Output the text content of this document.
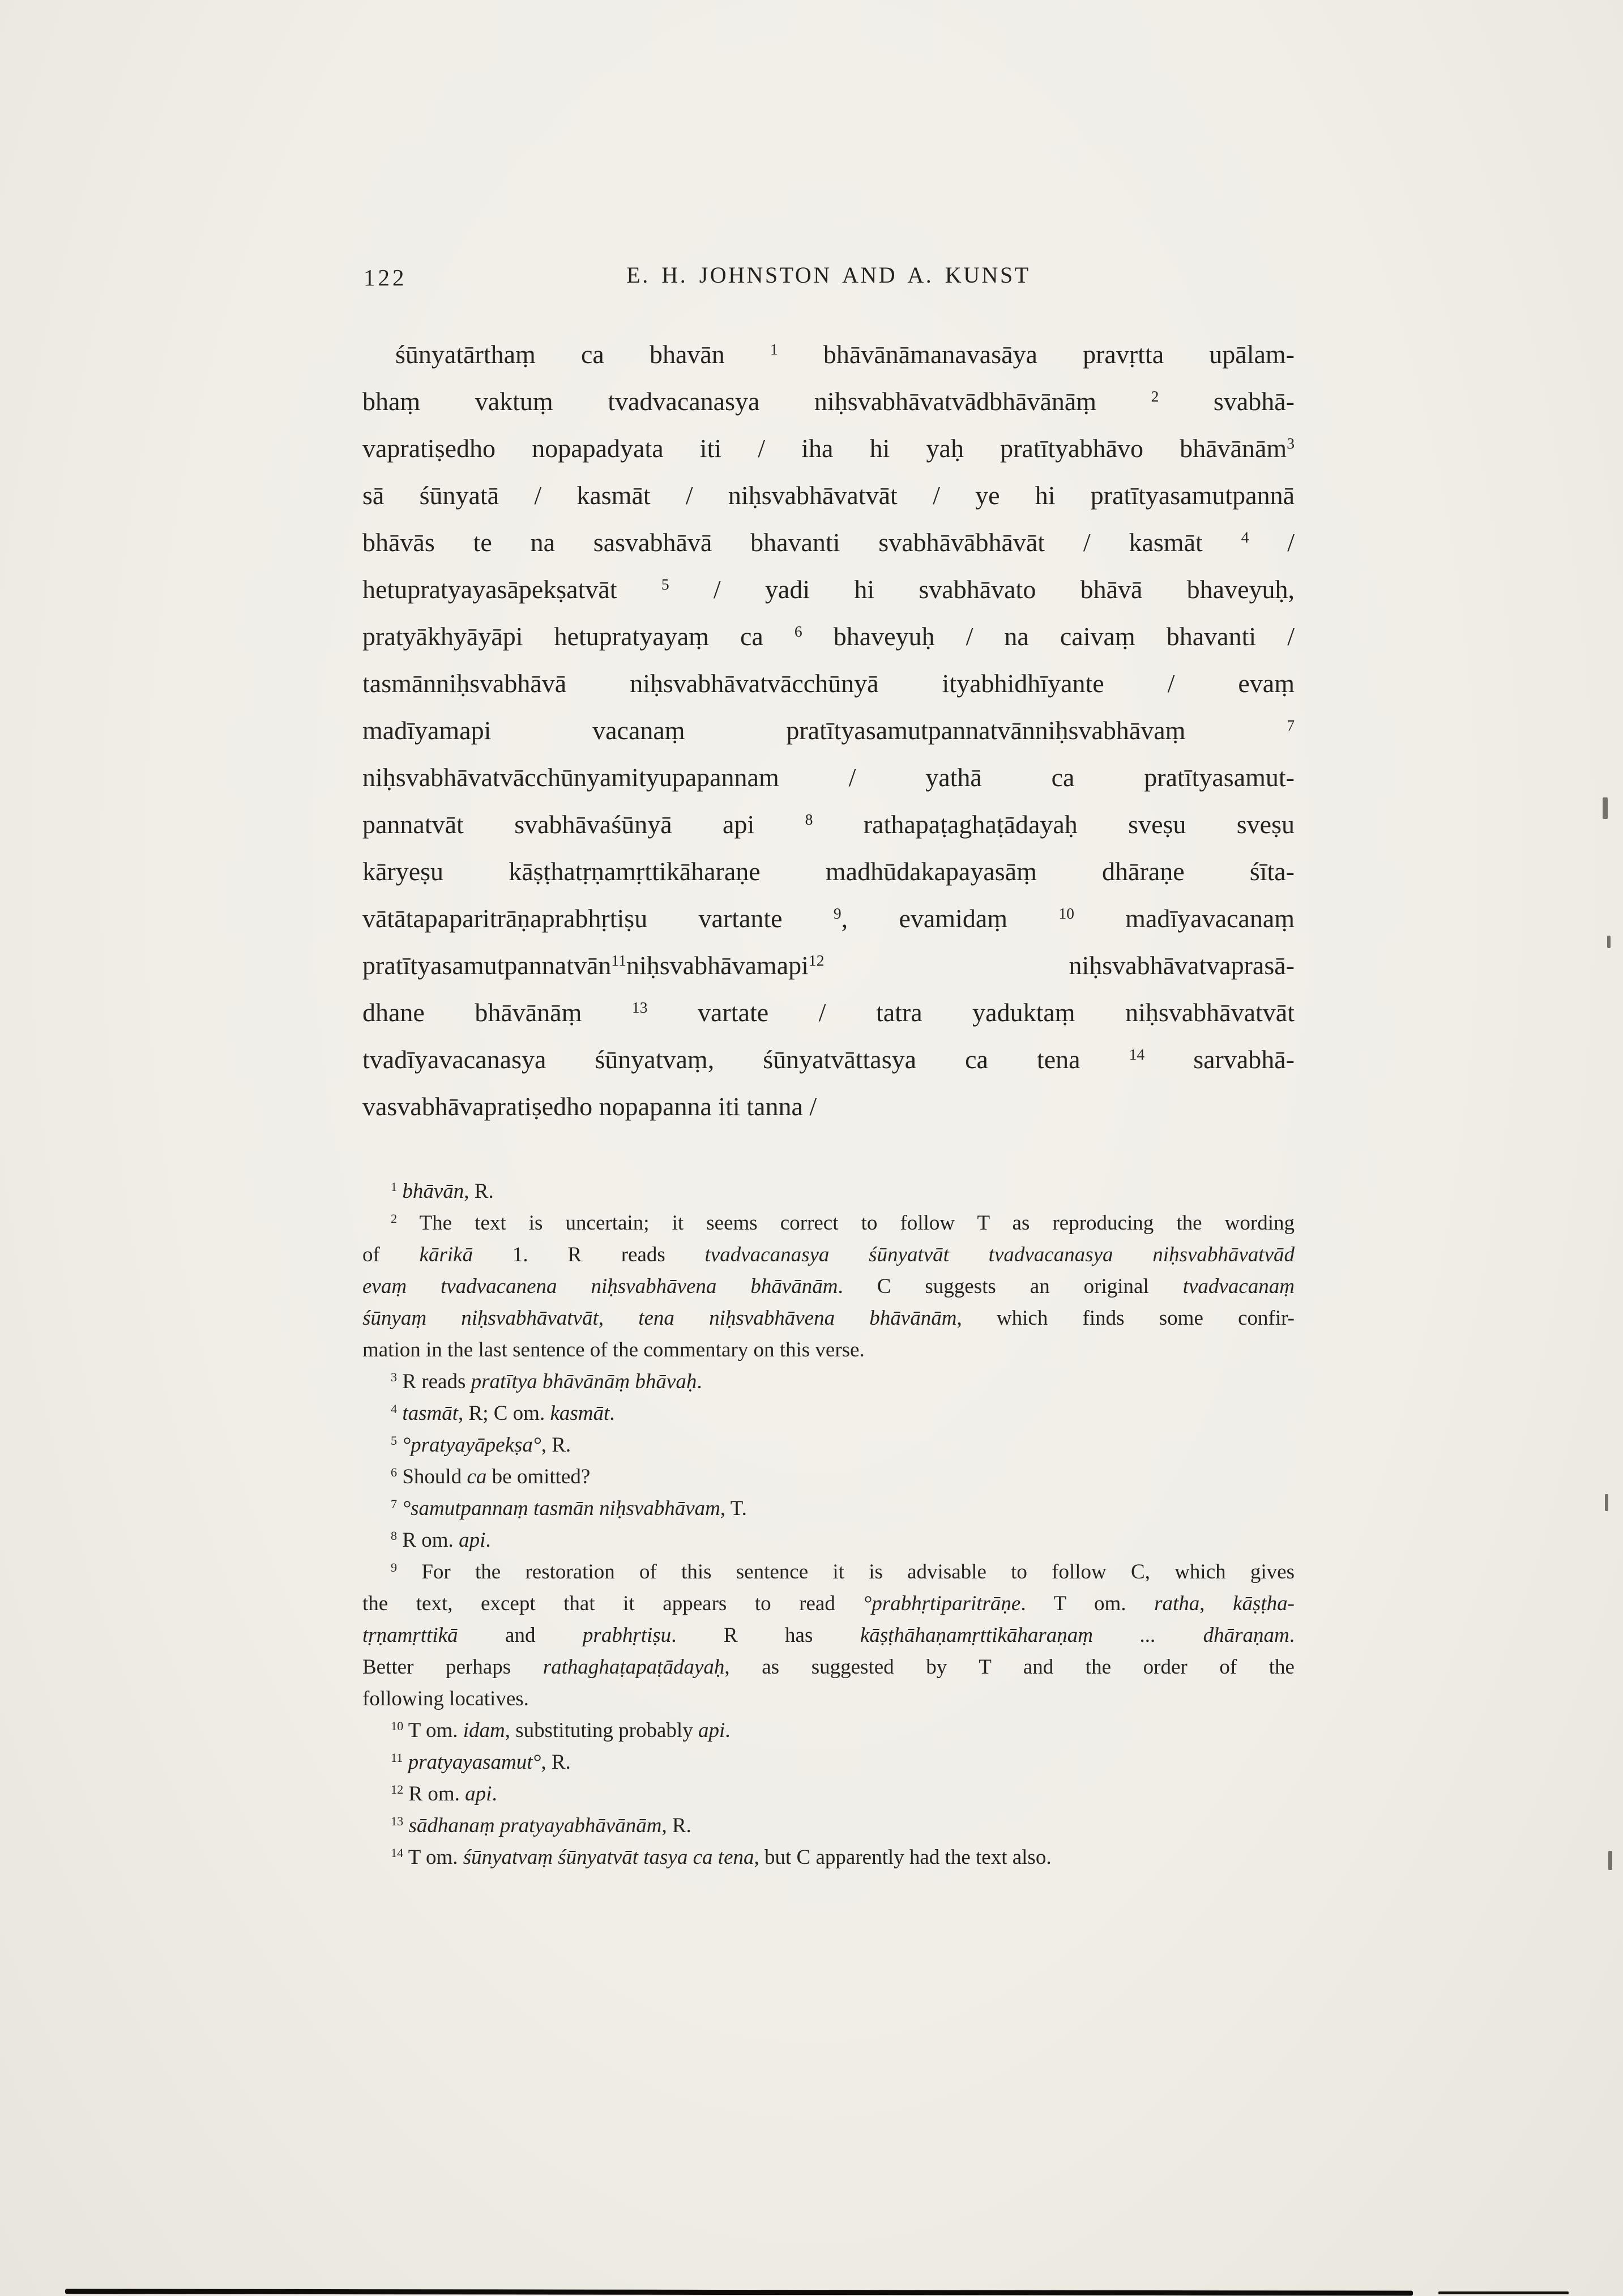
122	E. H. JOHNSTON AND A. KUNST
śūnyatārthaṃ ca bhavān $^1$ bhāvānāmanavasāya pravṛtta upālam-
bhaṃ vaktuṃ tvadvacanasya niḥsvabhāvatvādbhāvānāṃ $^2$ svabhā-
vapratiṣedho nopapadyata iti / iha hi yaḥ pratītyabhāvo bhāvānām$^3$
sā śūnyatā / kasmāt / niḥsvabhāvatvāt / ye hi pratītyasamutpannā
bhāvās te na sasvabhāvā bhavanti svabhāvābhāvāt / kasmāt $^4$ /
hetupratyayasāpekṣatvāt $^5$ / yadi hi svabhāvato bhāvā bhaveyuḥ,
pratyākhyāyāpi hetupratyayaṃ ca $^6$ bhaveyuḥ / na caivaṃ bhavanti /
tasmānniḥsvabhāvā niḥsvabhāvatvācchūnyā ityabhidhīyante / evaṃ
madīyamapi vacanaṃ pratītyasamutpannatvānniḥsvabhāvaṃ $^7$
niḥsvabhāvatvācchūnyamityupapannam / yathā ca pratītyasamut-
pannatvāt svabhāvaśūnyā api $^8$ rathapaṭaghaṭādayaḥ sveṣu sveṣu
kāryeṣu kāṣṭhatṛṇamṛttikāharaṇe madhūdakapayasāṃ dhāraṇe śīta-
vātātapaparitrāṇaprabhṛtiṣu vartante $^9$, evamidaṃ $^{10}$ madīyavacanaṃ
pratītyasamutpannatvān$^{11}$niḥsvabhāvamapi$^{12}$ niḥsvabhāvatvaprasā-
dhane bhāvānāṃ $^{13}$ vartate / tatra yaduktaṃ niḥsvabhāvatvāt
tvadīyavacanasya śūnyatvaṃ, śūnyatvāttasya ca tena $^{14}$ sarvabhā-
vasvabhāvapratiṣedho nopapanna iti tanna /
$^1$ bhāvān, R.
$^2$ The text is uncertain; it seems correct to follow T as reproducing the wording
of kārikā 1. R reads tvadvacanasya śūnyatvāt tvadvacanasya niḥsvabhāvatvād
evaṃ tvadvacanena niḥsvabhāvena bhāvānām. C suggests an original tvadvacanaṃ
śūnyaṃ niḥsvabhāvatvāt, tena niḥsvabhāvena bhāvānām, which finds some confir-
mation in the last sentence of the commentary on this verse.
$^3$ R reads pratītya bhāvānāṃ bhāvaḥ.
$^4$ tasmāt, R; C om. kasmāt.
$^5$ °pratyayāpekṣa°, R.
$^6$ Should ca be omitted?
$^7$ °samutpannaṃ tasmān niḥsvabhāvam, T.
$^8$ R om. api.
$^9$ For the restoration of this sentence it is advisable to follow C, which gives
the text, except that it appears to read °prabhṛtiparitrāṇe. T om. ratha, kāṣṭha-
tṛṇamṛttikā and prabhṛtiṣu. R has kāṣṭhāhaṇamṛttikāharaṇaṃ ... dhāraṇam.
Better perhaps rathaghaṭapaṭādayaḥ, as suggested by T and the order of the
following locatives.
$^{10}$ T om. idam, substituting probably api.
$^{11}$ pratyayasamut°, R.
$^{12}$ R om. api.
$^{13}$ sādhanaṃ pratyayabhāvānām, R.
$^{14}$ T om. śūnyatvaṃ śūnyatvāt tasya ca tena, but C apparently had the text also.
